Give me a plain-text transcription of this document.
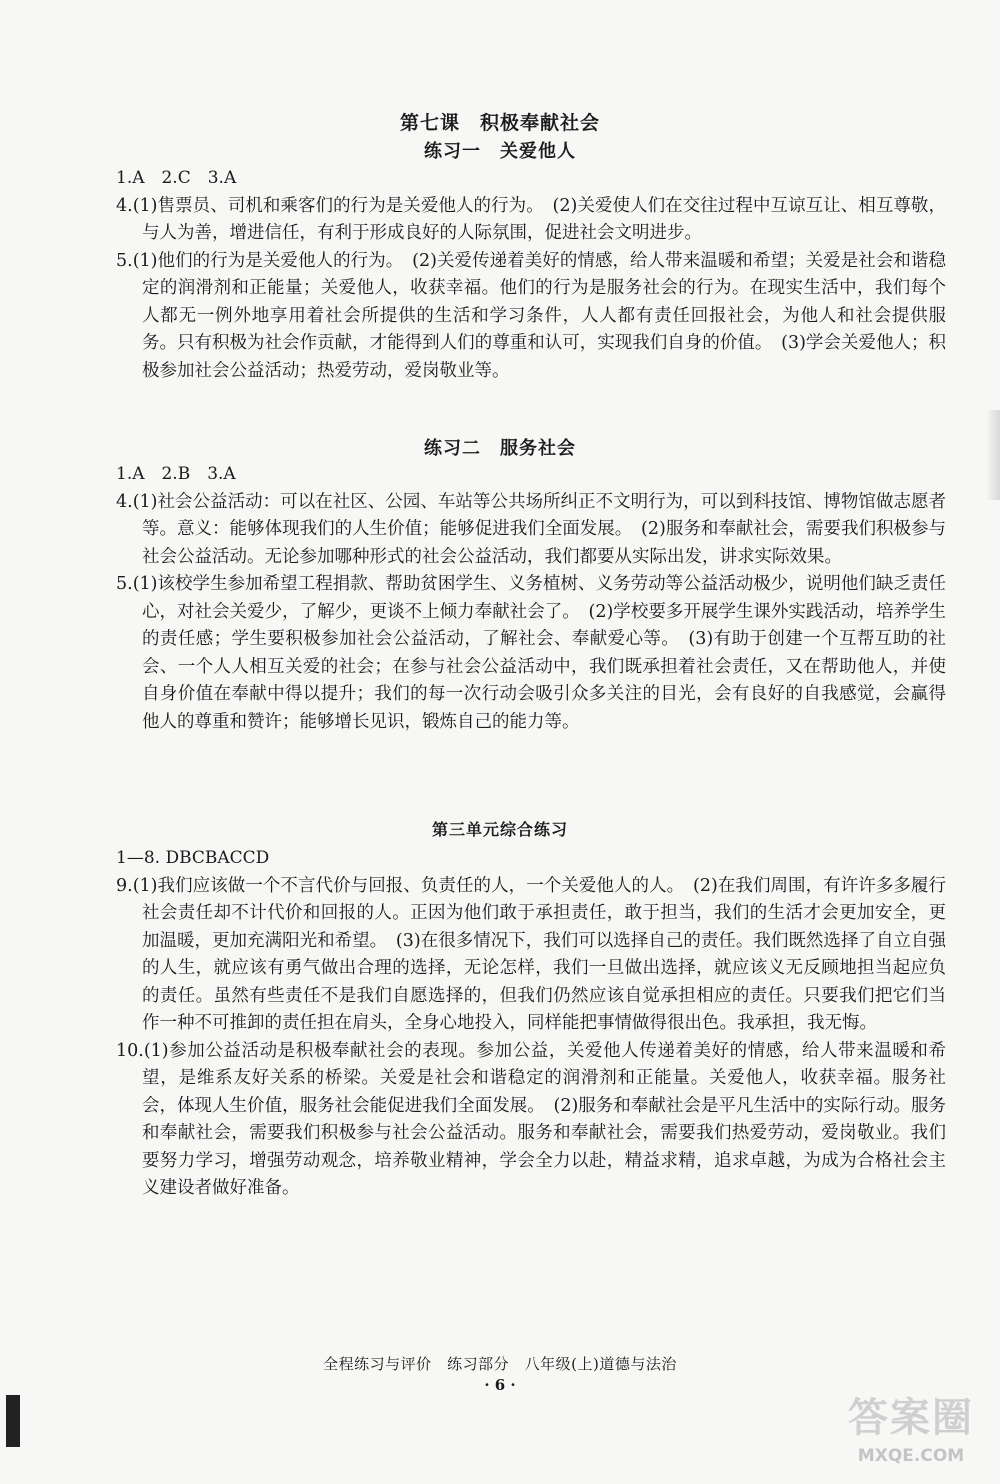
第七课　积极奉献社会
练习一　关爱他人

1.A　2.C　3.A

4.(1)售票员、司机和乘客们的行为是关爱他人的行为。　(2)关爱使人们在交往过程中互谅互让、相互尊敬，与人为善，增进信任，有利于形成良好的人际氛围，促进社会文明进步。

5.(1)他们的行为是关爱他人的行为。　(2)关爱传递着美好的情感，给人带来温暖和希望；关爱是社会和谐稳定的润滑剂和正能量；关爱他人，收获幸福。他们的行为是服务社会的行为。在现实生活中，我们每个人都无一例外地享用着社会所提供的生活和学习条件，人人都有责任回报社会，为他人和社会提供服务。只有积极为社会作贡献，才能得到人们的尊重和认可，实现我们自身的价值。　(3)学会关爱他人；积极参加社会公益活动；热爱劳动，爱岗敬业等。

练习二　服务社会

1.A　2.B　3.A

4.(1)社会公益活动：可以在社区、公园、车站等公共场所纠正不文明行为，可以到科技馆、博物馆做志愿者等。意义：能够体现我们的人生价值；能够促进我们全面发展。　(2)服务和奉献社会，需要我们积极参与社会公益活动。无论参加哪种形式的社会公益活动，我们都要从实际出发，讲求实际效果。

5.(1)该校学生参加希望工程捐款、帮助贫困学生、义务植树、义务劳动等公益活动极少，说明他们缺乏责任心，对社会关爱少，了解少，更谈不上倾力奉献社会了。　(2)学校要多开展学生课外实践活动，培养学生的责任感；学生要积极参加社会公益活动，了解社会、奉献爱心等。　(3)有助于创建一个互帮互助的社会、一个人人相互关爱的社会；在参与社会公益活动中，我们既承担着社会责任，又在帮助他人，并使自身价值在奉献中得以提升；我们的每一次行动会吸引众多关注的目光，会有良好的自我感觉，会赢得他人的尊重和赞许；能够增长见识，锻炼自己的能力等。

第三单元综合练习

1—8. DBCBACCD

9.(1)我们应该做一个不言代价与回报、负责任的人，一个关爱他人的人。　(2)在我们周围，有许许多多履行社会责任却不计代价和回报的人。正因为他们敢于承担责任，敢于担当，我们的生活才会更加安全，更加温暖，更加充满阳光和希望。　(3)在很多情况下，我们可以选择自己的责任。我们既然选择了自立自强的人生，就应该有勇气做出合理的选择，无论怎样，我们一旦做出选择，就应该义无反顾地担当起应负的责任。虽然有些责任不是我们自愿选择的，但我们仍然应该自觉承担相应的责任。只要我们把它们当作一种不可推卸的责任担在肩头，全身心地投入，同样能把事情做得很出色。我承担，我无悔。

10.(1)参加公益活动是积极奉献社会的表现。参加公益，关爱他人传递着美好的情感，给人带来温暖和希望，是维系友好关系的桥梁。关爱是社会和谐稳定的润滑剂和正能量。关爱他人，收获幸福。服务社会，体现人生价值，服务社会能促进我们全面发展。　(2)服务和奉献社会是平凡生活中的实际行动。服务和奉献社会，需要我们积极参与社会公益活动。服务和奉献社会，需要我们热爱劳动，爱岗敬业。我们要努力学习，增强劳动观念，培养敬业精神，学会全力以赴，精益求精，追求卓越，为成为合格社会主义建设者做好准备。

全程练习与评价　练习部分　八年级(上)道德与法治
· 6 ·
答案圈
MXQE.COM
